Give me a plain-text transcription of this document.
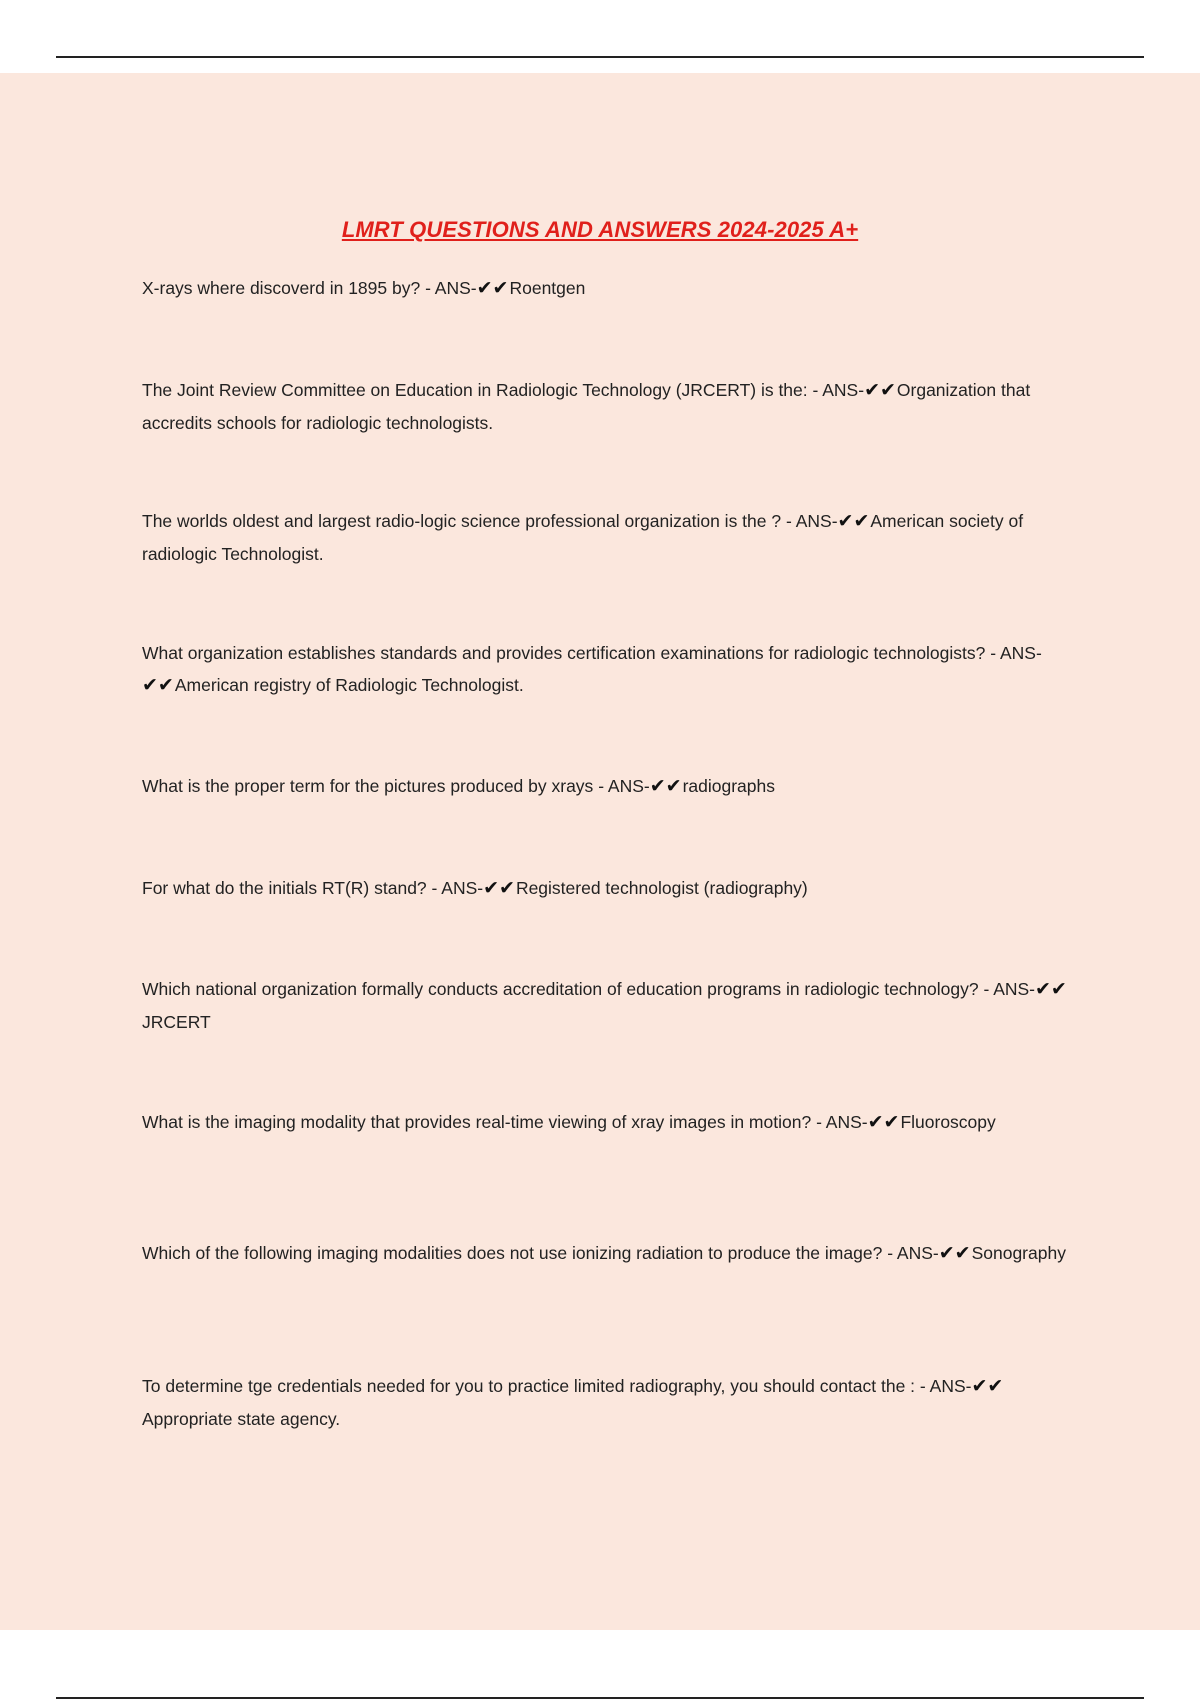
LMRT QUESTIONS AND ANSWERS 2024-2025 A+
X-rays where discoverd in 1895 by? - ANS-✔✔Roentgen
The Joint Review Committee on Education in Radiologic Technology (JRCERT) is the: - ANS-✔✔Organization that accredits schools for radiologic technologists.
The worlds oldest and largest radio-logic science professional organization is the ? - ANS-✔✔American society of radiologic Technologist.
What organization establishes standards and provides certification examinations for radiologic technologists? - ANS-✔✔American registry of Radiologic Technologist.
What is the proper term for the pictures produced by xrays - ANS-✔✔radiographs
For what do the initials RT(R) stand? - ANS-✔✔Registered technologist (radiography)
Which national organization formally conducts accreditation of education programs in radiologic technology? - ANS-✔✔JRCERT
What is the imaging modality that provides real-time viewing of xray images in motion? - ANS-✔✔Fluoroscopy
Which of the following imaging modalities does not use ionizing radiation to produce the image? - ANS-✔✔Sonography
To determine tge credentials needed for you to practice limited radiography, you should contact the : - ANS-✔✔Appropriate state agency.
